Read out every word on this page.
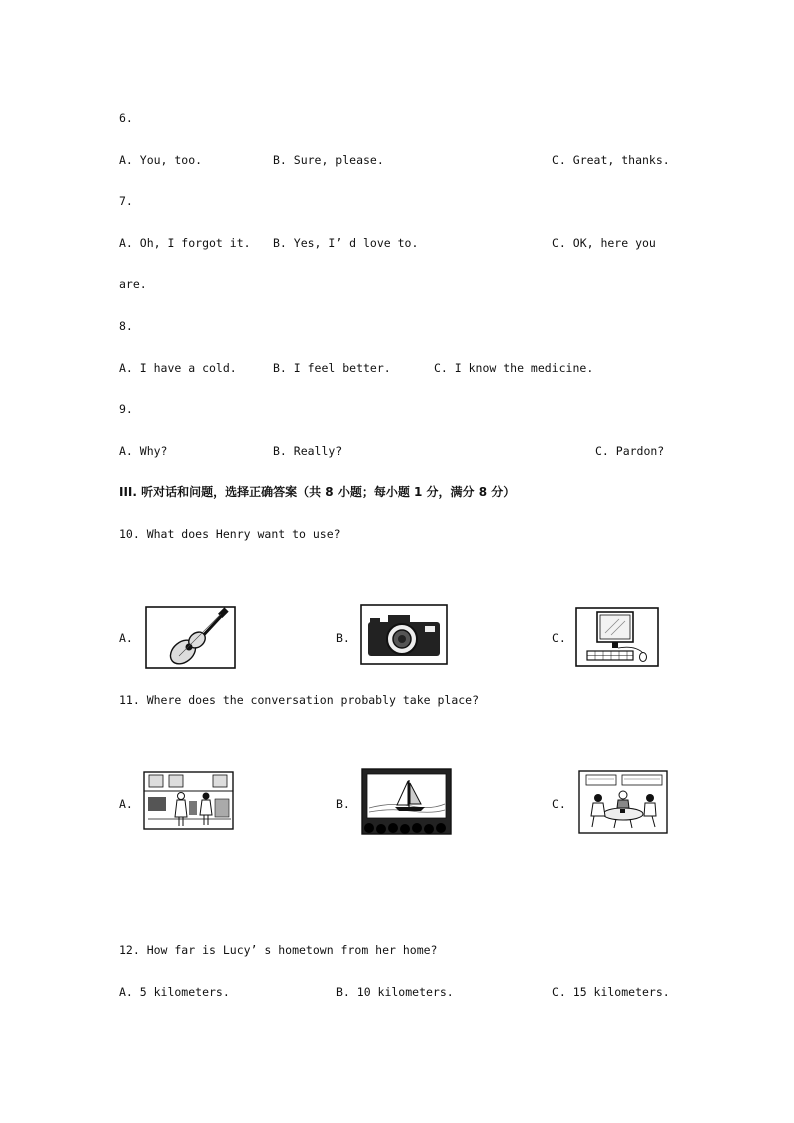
6.
A. You, too.	B. Sure, please.	C. Great, thanks.
7.
A. Oh, I forgot it. B. Yes, I’ d love to.	C. OK, here you
are.
8.
A. I have a cold.	B. I feel better.	C. I know the medicine.
9.
A. Why?	B. Really?	C. Pardon?
III. 听对话和问题，选择正确答案（共 8 小题；每小题 1 分，满分 8 分）
10. What does Henry want to use?
A.	B.	C.
11. Where does the conversation probably take place?
A.	B.	C.
12. How far is Lucy’ s hometown from her home?
A. 5 kilometers.	B. 10 kilometers.	C. 15 kilometers.
